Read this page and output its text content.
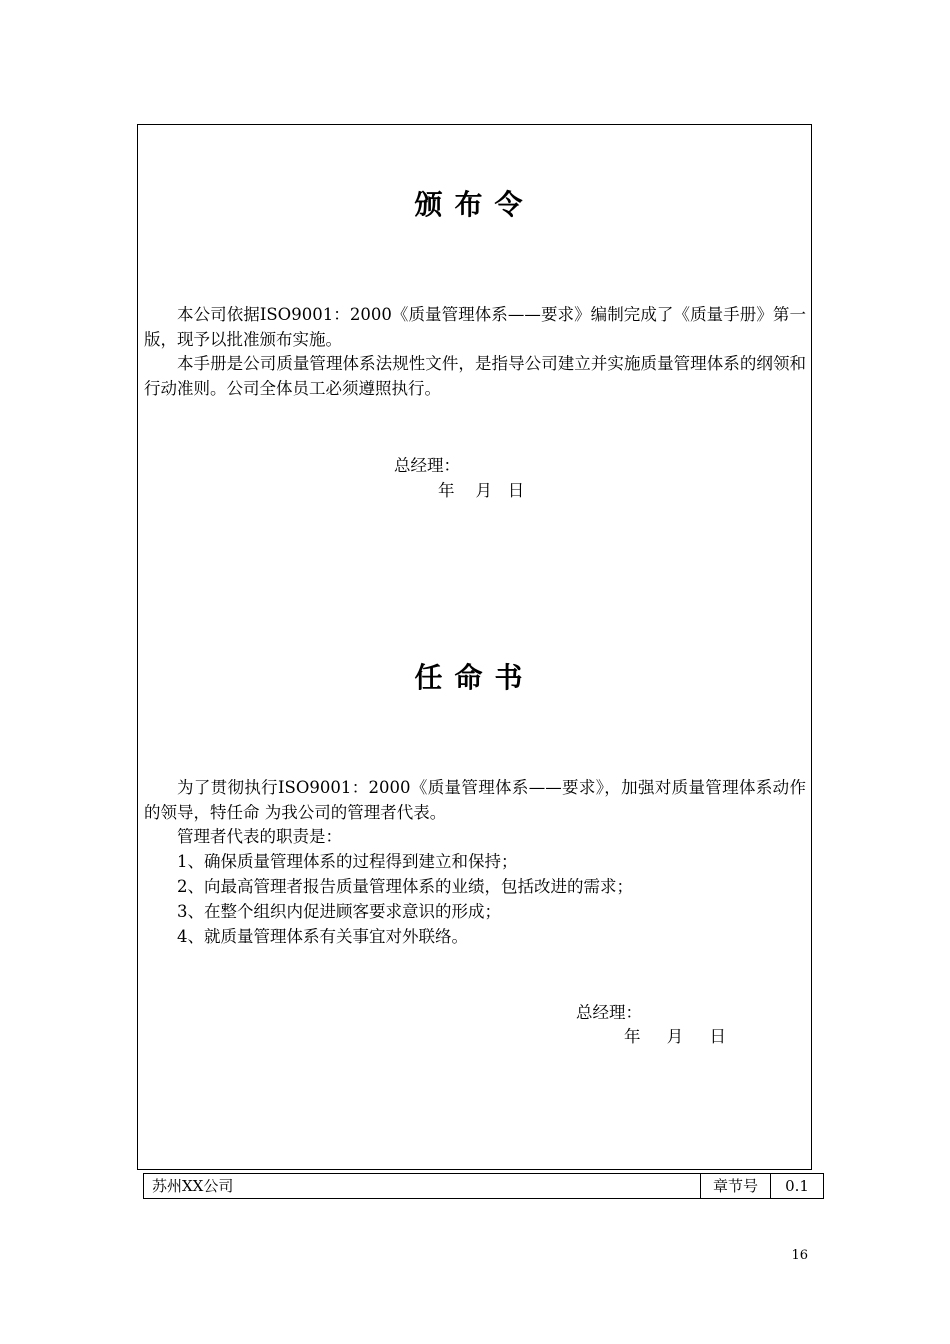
颁布令

本公司依据ISO9001：2000《质量管理体系——要求》编制完成了《质量手册》第一版，现予以批准颁布实施。

本手册是公司质量管理体系法规性文件，是指导公司建立并实施质量管理体系的纲领和行动准则。公司全体员工必须遵照执行。

总经理：

年    月   日

任命书

为了贯彻执行ISO9001：2000《质量管理体系——要求》，加强对质量管理体系动作的领导，特任命 为我公司的管理者代表。

管理者代表的职责是：

1、确保质量管理体系的过程得到建立和保持；

2、向最高管理者报告质量管理体系的业绩，包括改进的需求；

3、在整个组织内促进顾客要求意识的形成；

4、就质量管理体系有关事宜对外联络。

总经理：

年     月     日

苏州XX公司	章节号	0.1
16
